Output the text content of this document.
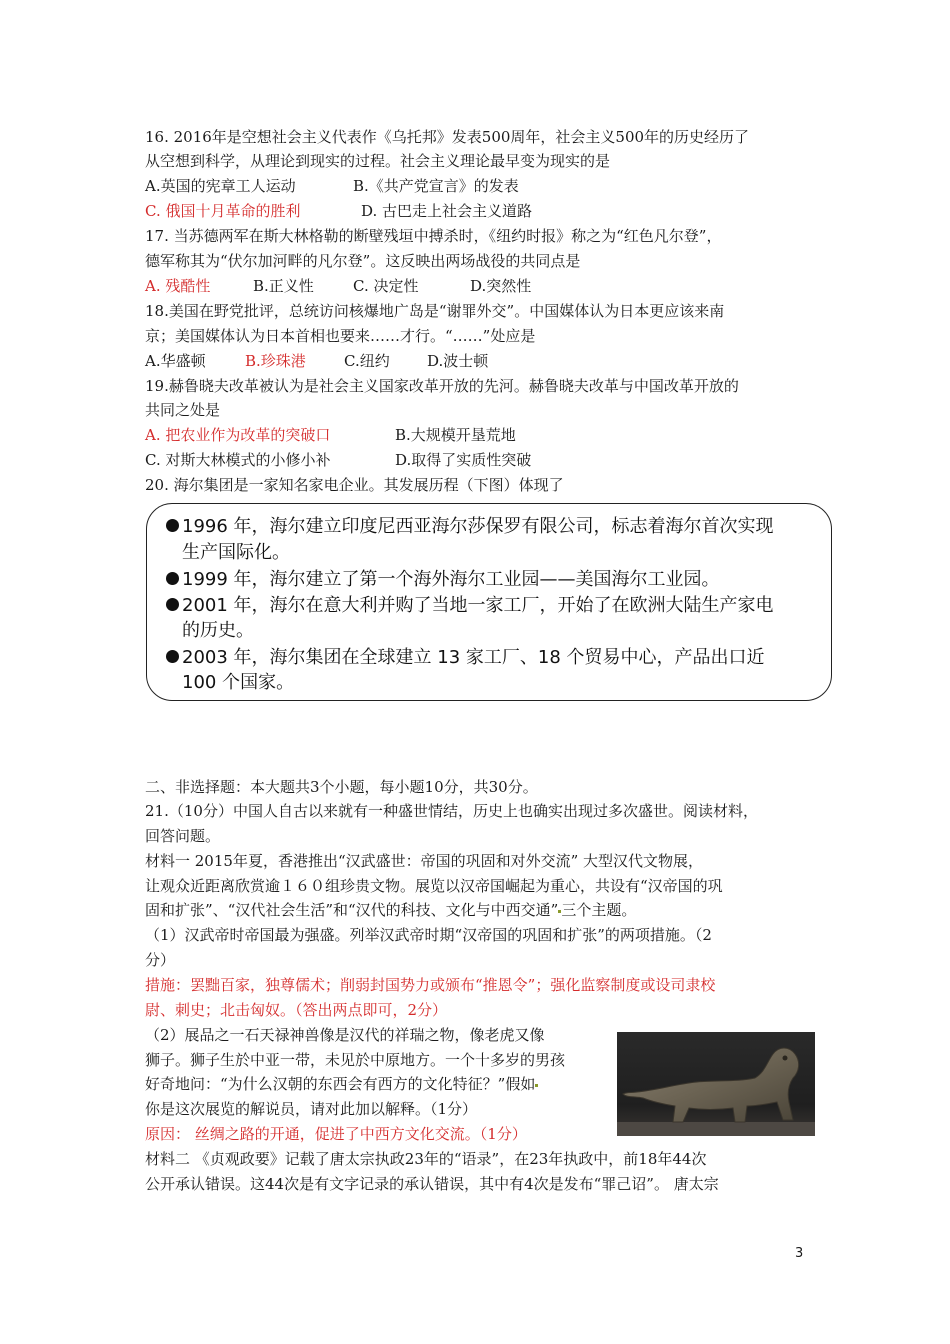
16. 2016年是空想社会主义代表作《乌托邦》发表500周年，社会主义500年的历史经历了
从空想到科学，从理论到现实的过程。社会主义理论最早变为现实的是
A.英国的宪章工人运动	B.《共产党宣言》的发表
C. 俄国十月革命的胜利	D. 古巴走上社会主义道路
17. 当苏德两军在斯大林格勒的断壁残垣中搏杀时，《纽约时报》称之为“红色凡尔登”，
德军称其为“伏尔加河畔的凡尔登”。这反映出两场战役的共同点是
A. 残酷性	B.正义性	C. 决定性	D.突然性
18.美国在野党批评，总统访问核爆地广岛是“谢罪外交”。中国媒体认为日本更应该来南
京；美国媒体认为日本首相也要来……才行。“……”处应是
A.华盛顿	B.珍珠港	C.纽约 D.波士顿
19.赫鲁晓夫改革被认为是社会主义国家改革开放的先河。赫鲁晓夫改革与中国改革开放的
共同之处是
A. 把农业作为改革的突破口	B.大规模开垦荒地
C. 对斯大林模式的小修小补	D.取得了实质性突破
20. 海尔集团是一家知名家电企业。其发展历程（下图）体现了
1996 年，海尔建立印度尼西亚海尔莎保罗有限公司，标志着海尔首次实现
生产国际化。
1999 年，海尔建立了第一个海外海尔工业园——美国海尔工业园。
2001 年，海尔在意大利并购了当地一家工厂，开始了在欧洲大陆生产家电
的历史。
2003 年，海尔集团在全球建立 13 家工厂、18 个贸易中心，产品出口近
100 个国家。
二、非选择题：本大题共3个小题，每小题10分，共30分。
21.（10分）中国人自古以来就有一种盛世情结，历史上也确实出现过多次盛世。阅读材料，
回答问题。
材料一 2015年夏，香港推出“汉武盛世：帝国的巩固和对外交流” 大型汉代文物展，
让观众近距离欣赏逾１６０组珍贵文物。展览以汉帝国崛起为重心，共设有“汉帝国的巩
固和扩张”、“汉代社会生活”和“汉代的科技、文化与中西交通” 三个主题。
（1）汉武帝时帝国最为强盛。列举汉武帝时期“汉帝国的巩固和扩张”的两项措施。（2
分）
措施：罢黜百家，独尊儒术；削弱封国势力或颁布“推恩令”；强化监察制度或设司隶校
尉、刺史；北击匈奴。（答出两点即可，2分）
（2）展品之一石天禄神兽像是汉代的祥瑞之物，像老虎又像
狮子。狮子生於中亚一带，未见於中原地方。一个十多岁的男孩
好奇地问：“为什么汉朝的东西会有西方的文化特征？”假如
你是这次展览的解说员，请对此加以解释。（1分）
原因： 丝绸之路的开通，促进了中西方文化交流。（1分）
材料二 《贞观政要》记载了唐太宗执政23年的“语录”，在23年执政中，前18年44次
公开承认错误。这44次是有文字记录的承认错误，其中有4次是发布“罪己诏”。 唐太宗
3
